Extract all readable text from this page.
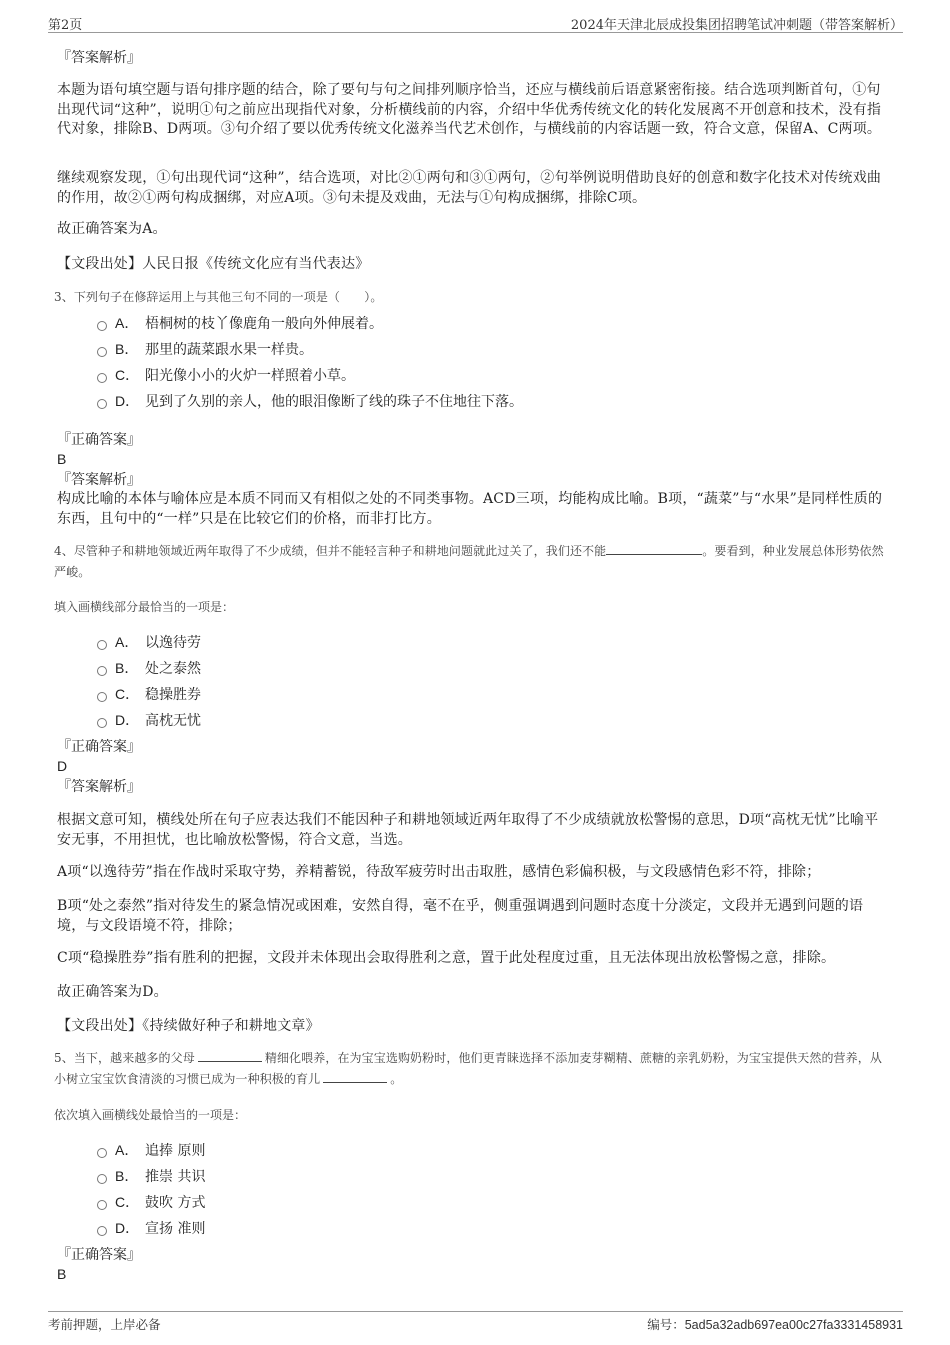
第2页	2024年天津北辰成投集团招聘笔试冲刺题（带答案解析）
『答案解析』
本题为语句填空题与语句排序题的结合，除了要句与句之间排列顺序恰当，还应与横线前后语意紧密衔接。结合选项判断首句，①句出现代词“这种”，说明①句之前应出现指代对象，分析横线前的内容，介绍中华优秀传统文化的转化发展离不开创意和技术，没有指代对象，排除B、D两项。③句介绍了要以优秀传统文化滋养当代艺术创作，与横线前的内容话题一致，符合文意，保留A、C两项。
继续观察发现，①句出现代词“这种”，结合选项，对比②①两句和③①两句，②句举例说明借助良好的创意和数字化技术对传统戏曲的作用，故②①两句构成捆绑，对应A项。③句未提及戏曲，无法与①句构成捆绑，排除C项。
故正确答案为A。
【文段出处】人民日报《传统文化应有当代表达》
3、下列句子在修辞运用上与其他三句不同的一项是（　　）。
A． 梧桐树的枝丫像鹿角一般向外伸展着。
B． 那里的蔬菜跟水果一样贵。
C． 阳光像小小的火炉一样照着小草。
D． 见到了久别的亲人，他的眼泪像断了线的珠子不住地往下落。
『正确答案』
B
『答案解析』
构成比喻的本体与喻体应是本质不同而又有相似之处的不同类事物。ACD三项，均能构成比喻。B项，“蔬菜”与“水果”是同样性质的东西，且句中的“一样”只是在比较它们的价格，而非打比方。
4、尽管种子和耕地领域近两年取得了不少成绩，但并不能轻言种子和耕地问题就此过关了，我们还不能	。要看到，种业发展总体形势依然严峻。
填入画横线部分最恰当的一项是：
A． 以逸待劳
B． 处之泰然
C． 稳操胜券
D． 高枕无忧
『正确答案』
D
『答案解析』
根据文意可知，横线处所在句子应表达我们不能因种子和耕地领域近两年取得了不少成绩就放松警惕的意思，D项“高枕无忧”比喻平安无事，不用担忧，也比喻放松警惕，符合文意，当选。
A项“以逸待劳”指在作战时采取守势，养精蓄锐，待敌军疲劳时出击取胜，感情色彩偏积极，与文段感情色彩不符，排除；
B项“处之泰然”指对待发生的紧急情况或困难，安然自得，毫不在乎，侧重强调遇到问题时态度十分淡定，文段并无遇到问题的语境，与文段语境不符，排除；
C项“稳操胜券”指有胜利的把握，文段并未体现出会取得胜利之意，置于此处程度过重，且无法体现出放松警惕之意，排除。
故正确答案为D。
【文段出处】《持续做好种子和耕地文章》
5、当下，越来越多的父母	精细化喂养，在为宝宝选购奶粉时，他们更青睐选择不添加麦芽糊精、蔗糖的亲乳奶粉，为宝宝提供天然的营养，从小树立宝宝饮食清淡的习惯已成为一种积极的育儿	。
依次填入画横线处最恰当的一项是：
A． 追捧 原则
B． 推崇 共识
C． 鼓吹 方式
D． 宣扬 准则
『正确答案』
B
考前押题，上岸必备	编号：5ad5a32adb697ea00c27fa3331458931
